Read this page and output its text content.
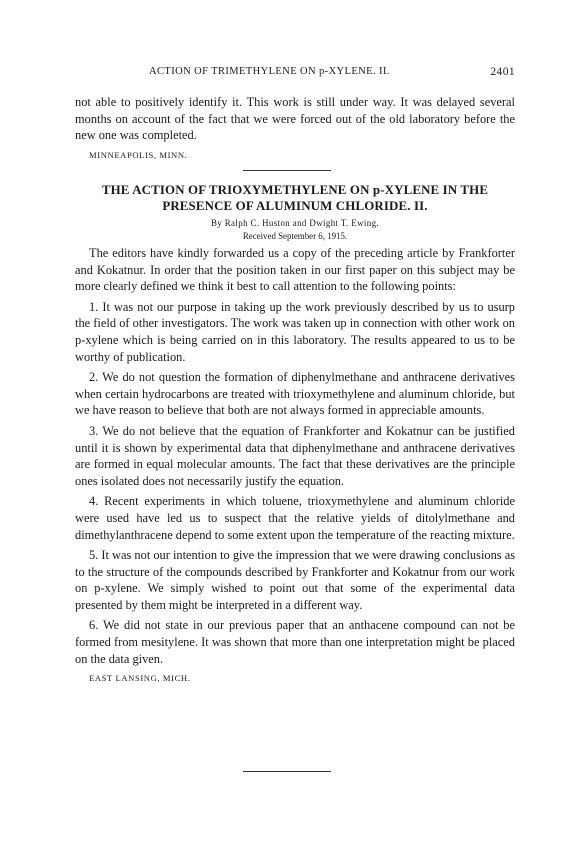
ACTION OF TRIMETHYLENE ON p-XYLENE. II.	2401

not able to positively identify it. This work is still under way. It was delayed several months on account of the fact that we were forced out of the old laboratory before the new one was completed.

MINNEAPOLIS, MINN.

THE ACTION OF TRIOXYMETHYLENE ON p-XYLENE IN THE

PRESENCE OF ALUMINUM CHLORIDE. II.

By Ralph C. Huston and Dwight T. Ewing.

Received September 6, 1915.

The editors have kindly forwarded us a copy of the preceding article by Frankforter and Kokatnur. In order that the position taken in our first paper on this subject may be more clearly defined we think it best to call attention to the following points:

1. It was not our purpose in taking up the work previously described by us to usurp the field of other investigators. The work was taken up in connection with other work on p-xylene which is being carried on in this laboratory. The results appeared to us to be worthy of publication.

2. We do not question the formation of diphenylmethane and anthracene derivatives when certain hydrocarbons are treated with trioxymethylene and aluminum chloride, but we have reason to believe that both are not always formed in appreciable amounts.

3. We do not believe that the equation of Frankforter and Kokatnur can be justified until it is shown by experimental data that diphenylmethane and anthracene derivatives are formed in equal molecular amounts. The fact that these derivatives are the principle ones isolated does not necessarily justify the equation.

4. Recent experiments in which toluene, trioxymethylene and aluminum chloride were used have led us to suspect that the relative yields of ditolylmethane and dimethylanthracene depend to some extent upon the temperature of the reacting mixture.

5. It was not our intention to give the impression that we were drawing conclusions as to the structure of the compounds described by Frankforter and Kokatnur from our work on p-xylene. We simply wished to point out that some of the experimental data presented by them might be interpreted in a different way.

6. We did not state in our previous paper that an anthacene compound can not be formed from mesitylene. It was shown that more than one interpretation might be placed on the data given.

EAST LANSING, MICH.
